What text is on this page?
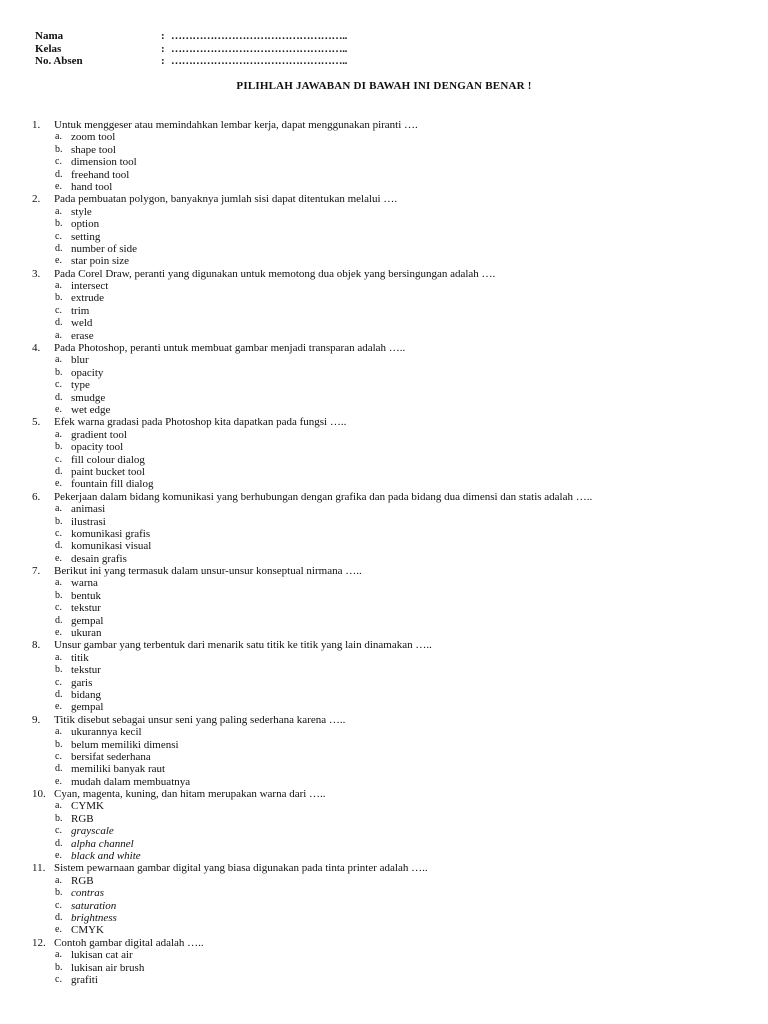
Nama	: …………………………………………..
Kelas	: …………………………………………..
No. Absen	: …………………………………………..
PILIHLAH JAWABAN DI BAWAH INI DENGAN BENAR !
1.	Untuk menggeser atau memindahkan lembar kerja, dapat menggunakan piranti ….
a. zoom tool
b. shape tool
c. dimension tool
d. freehand tool
e. hand tool
2.	Pada pembuatan polygon, banyaknya jumlah sisi dapat ditentukan melalui ….
a. style
b. option
c. setting
d. number of side
e. star poin size
3.	Pada Corel Draw, peranti yang digunakan untuk memotong dua objek yang bersingungan adalah ….
a. intersect
b. extrude
c. trim
d. weld
a. erase
4.	Pada Photoshop, peranti untuk membuat gambar menjadi transparan adalah …..
a. blur
b. opacity
c. type
d. smudge
e. wet edge
5.	Efek warna gradasi pada Photoshop kita dapatkan pada fungsi …..
a. gradient tool
b. opacity tool
c. fill colour dialog
d. paint bucket tool
e. fountain fill dialog
6.	Pekerjaan dalam bidang komunikasi yang berhubungan dengan grafika dan pada bidang dua dimensi dan statis adalah …..
a. animasi
b. ilustrasi
c. komunikasi grafis
d. komunikasi visual
e. desain grafis
7.	Berikut ini yang termasuk dalam unsur-unsur konseptual nirmana …..
a. warna
b. bentuk
c. tekstur
d. gempal
e. ukuran
8.	Unsur gambar yang terbentuk dari menarik satu titik ke titik yang lain dinamakan …..
a. titik
b. tekstur
c. garis
d. bidang
e. gempal
9.	Titik disebut sebagai unsur seni yang paling sederhana karena …..
a. ukurannya kecil
b. belum memiliki dimensi
c. bersifat sederhana
d. memiliki banyak raut
e. mudah dalam membuatnya
10. Cyan, magenta, kuning, dan hitam merupakan warna dari …..
a. CYMK
b. RGB
c. grayscale
d. alpha channel
e. black and white
11. Sistem pewarnaan gambar digital yang biasa digunakan pada tinta printer adalah …..
a. RGB
b. contras
c. saturation
d. brightness
e. CMYK
12. Contoh gambar digital adalah …..
a. lukisan cat air
b. lukisan air brush
c. grafiti
